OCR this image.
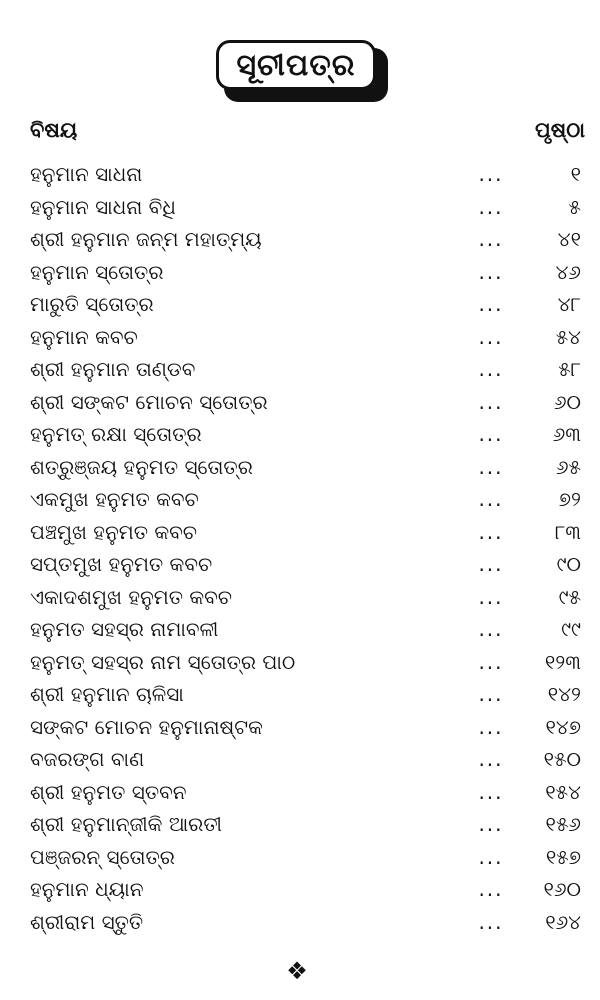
ସୂଚୀପତ୍ର
ବିଷୟ	ପୃଷ୍ଠା
ହନୁମାନ ସାଧନା	...	୧
ହନୁମାନ ସାଧନା ବିଧି	...	୫
ଶ୍ରୀ ହନୁମାନ ଜନ୍ମ ମହାତ୍ମ୍ୟ	...	୪୧
ହନୁମାନ ସ୍ତୋତ୍ର	...	୪୬
ମାରୁତି ସ୍ତୋତ୍ର	...	୪୮
ହନୁମାନ କବଚ	...	୫୪
ଶ୍ରୀ ହନୁମାନ ତାଣ୍ଡବ	...	୫୮
ଶ୍ରୀ ସଙ୍କଟ ମୋଚନ ସ୍ତୋତ୍ର	...	୬୦
ହନୁମତ୍ ରକ୍ଷା ସ୍ତୋତ୍ର	...	୬୩
ଶତ୍ରୁଞ୍ଜୟ ହନୁମତ ସ୍ତୋତ୍ର	...	୬୫
ଏକମୁଖ ହନୁମତ କବଚ	...	୭୨
ପଞ୍ଚମୁଖ ହନୁମତ କବଚ	...	୮୩
ସପ୍ତମୁଖ ହନୁମତ କବଚ	...	୯୦
ଏକାଦଶମୁଖ ହନୁମତ କବଚ	...	୯୫
ହନୁମତ ସହସ୍ର ନାମାବଳୀ	...	୯୯
ହନୁମତ୍ ସହସ୍ର ନାମ ସ୍ତୋତ୍ର ପାଠ	...	୧୨୩
ଶ୍ରୀ ହନୁମାନ ଚାଳିସା	...	୧୪୨
ସଙ୍କଟ ମୋଚନ ହନୁମାନାଷ୍ଟକ	...	୧୪୭
ବଜରଙ୍ଗ ବାଣ	...	୧୫୦
ଶ୍ରୀ ହନୁମତ ସ୍ତବନ	...	୧୫୪
ଶ୍ରୀ ହନୁମାନ୍‌ଜୀକି ଆରତୀ	...	୧୫୬
ପଞ୍ଜରନ୍ ସ୍ତୋତ୍ର	...	୧୫୭
ହନୁମାନ ଧ୍ୟାନ	...	୧୬୦
ଶ୍ରୀରାମ ସ୍ତୁତି	...	୧୬୪
❖
